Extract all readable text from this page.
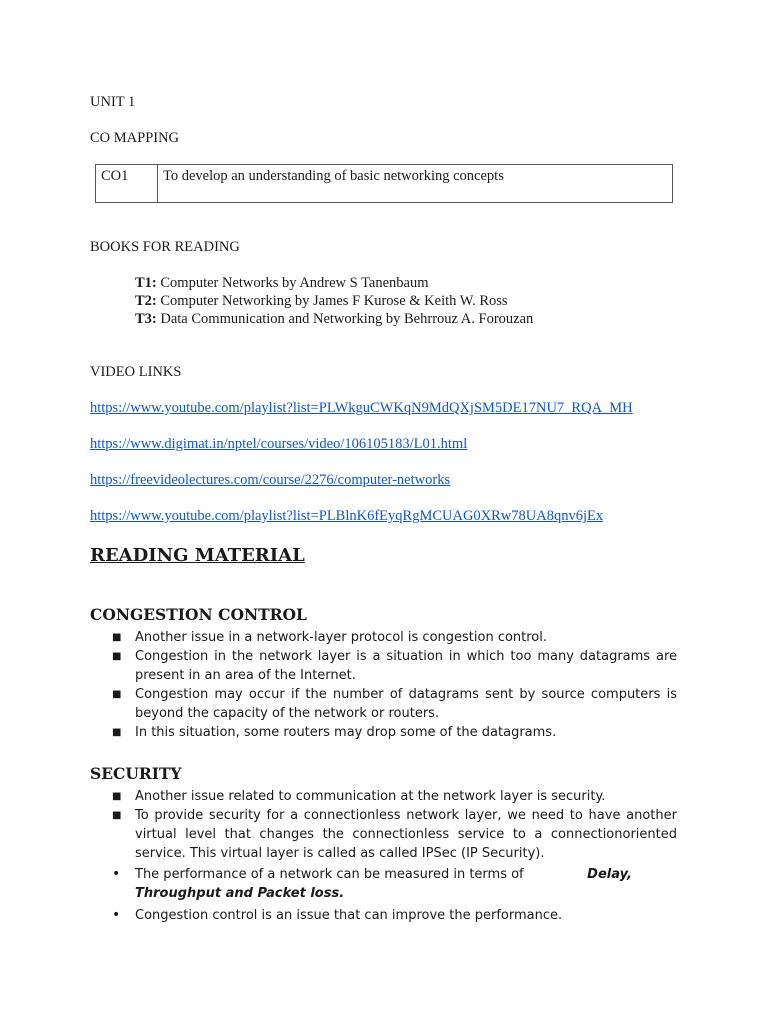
UNIT 1
CO MAPPING
CO1	To develop an understanding of basic networking concepts
BOOKS FOR READING

T1: Computer Networks by Andrew S Tanenbaum

T2: Computer Networking by James F Kurose & Keith W. Ross

T3: Data Communication and Networking by Behrrouz A. Forouzan

VIDEO LINKS
https://www.youtube.com/playlist?list=PLWkguCWKqN9MdQXjSM5DE17NU7_RQA_MH
https://www.digimat.in/nptel/courses/video/106105183/L01.html
https://freevideolectures.com/course/2276/computer-networks
https://www.youtube.com/playlist?list=PLBlnK6fEyqRgMCUAG0XRw78UA8qnv6jEx
READING MATERIAL
CONGESTION CONTROL
■ Another issue in a network-layer protocol is congestion control.
■ Congestion in the network layer is a situation in which too many datagrams are present in an area of the Internet.
■ Congestion may occur if the number of datagrams sent by source computers is beyond the capacity of the network or routers.
■ In this situation, some routers may drop some of the datagrams.
SECURITY
■ Another issue related to communication at the network layer is security.
■ To provide security for a connectionless network layer, we need to have another virtual level that changes the connectionless service to a connectionoriented service. This virtual layer is called as called IPSec (IP Security).
•	The performance of a network can be measured in terms of	Delay,
Throughput and Packet loss.
•	Congestion control is an issue that can improve the performance.
